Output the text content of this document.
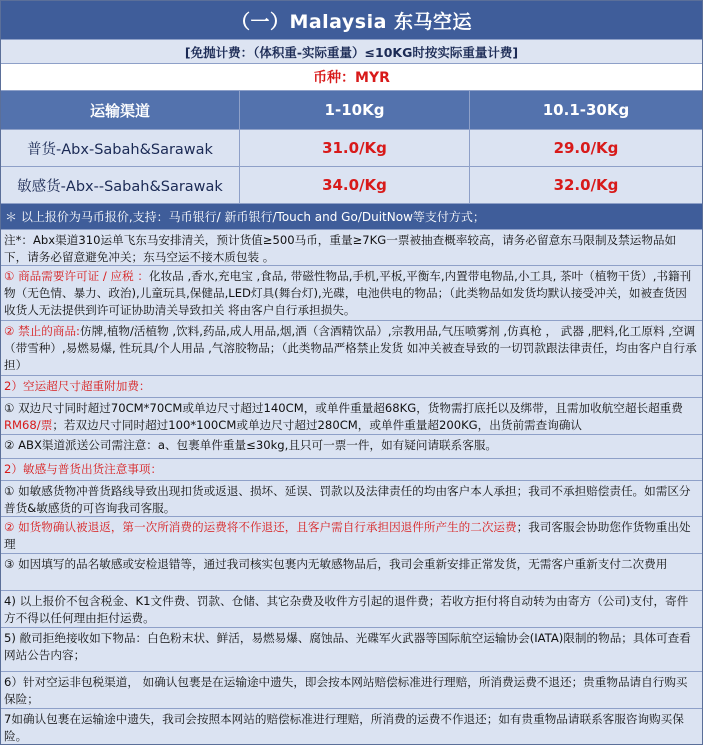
（一）Malaysia 东马空运
[免抛计费：（体积重-实际重量）≤10KG时按实际重量计费]
币种：MYR
运输渠道	1-10Kg	10.1-30Kg
普货-Abx-Sabah&Sarawak	31.0/Kg	29.0/Kg
敏感货-Abx--Sabah&Sarawak	34.0/Kg	32.0/Kg
＊ 以上报价为马币报价,支持：马币银行/ 新币银行/Touch and Go/DuitNow等支付方式；
注*：Abx渠道310运单飞东马安排清关，预计货值≥500马币，重量≥7KG一票被抽查概率较高，请务必留意东马限制及禁运物品如下，请务必留意避免冲关；东马空运不接木质包装 。
① 商品需要许可证 / 应税 ：化妆品 ,香水,充电宝 ,食品, 带磁性物品,手机,平板,平衡车,内置带电物品,小工具, 茶叶（植物干货）,书籍刊物（无色情、暴力、政治),儿童玩具,保健品,LED灯具(舞台灯),光碟，电池供电的物品；（此类物品如发货均默认接受冲关，如被查货因收货人无法提供到许可证协助清关导致扣关 将由客户自行承担损失。
② 禁止的商品:仿牌,植物/活植物 ,饮料,药品,成人用品,烟,酒（含酒精饮品）,宗教用品,气压喷雾剂 ,仿真枪 ， 武器 ,肥料,化工原料 ,空调（带雪种）,易燃易爆, 性玩具/个人用品 ,气溶胶物品；（此类物品严格禁止发货 如冲关被查导致的一切罚款跟法律责任，均由客户自行承担）
2）空运超尺寸超重附加费：
① 双边尺寸同时超过70CM*70CM或单边尺寸超过140CM，或单件重量超68KG，货物需打底托以及绑带，且需加收航空超长超重费RM68/票；若双边尺寸同时超过100*100CM或单边尺寸超过280CM，或单件重量超200KG，出货前需查询确认
② ABX渠道派送公司需注意：a、包裹单件重量≤30kg,且只可一票一件，如有疑问请联系客服。
2）敏感与普货出货注意事项：
① 如敏感货物冲普货路线导致出现扣货或返退、损坏、延误、罚款以及法律责任的均由客户本人承担；我司不承担赔偿责任。如需区分普货&敏感货的可咨询我司客服。
② 如货物确认被退返，第一次所消费的运费将不作退还，且客户需自行承担因退件所产生的二次运费；我司客服会协助您作货物重出处理
③ 如因填写的品名敏感或安检退错等，通过我司核实包裹内无敏感物品后，我司会重新安排正常发货，无需客户重新支付二次费用
4) 以上报价不包含税金、K1文件费、罚款、仓储、其它杂费及收件方引起的退件费；若收方拒付将自动转为由寄方（公司)支付，寄件方不得以任何理由拒付运费。
5) 敝司拒绝接收如下物品：白色粉末状、鲜活，易燃易爆、腐蚀品、光碟军火武器等国际航空运输协会(IATA)限制的物品；具体可查看网站公告内容；
6）针对空运非包税渠道， 如确认包裹是在运输途中遗失，即会按本网站赔偿标准进行理赔，所消费运费不退还；贵重物品请自行购买保险；
7如确认包裹在运输途中遗失，我司会按照本网站的赔偿标准进行理赔，所消费的运费不作退还；如有贵重物品请联系客服咨询购买保险。
